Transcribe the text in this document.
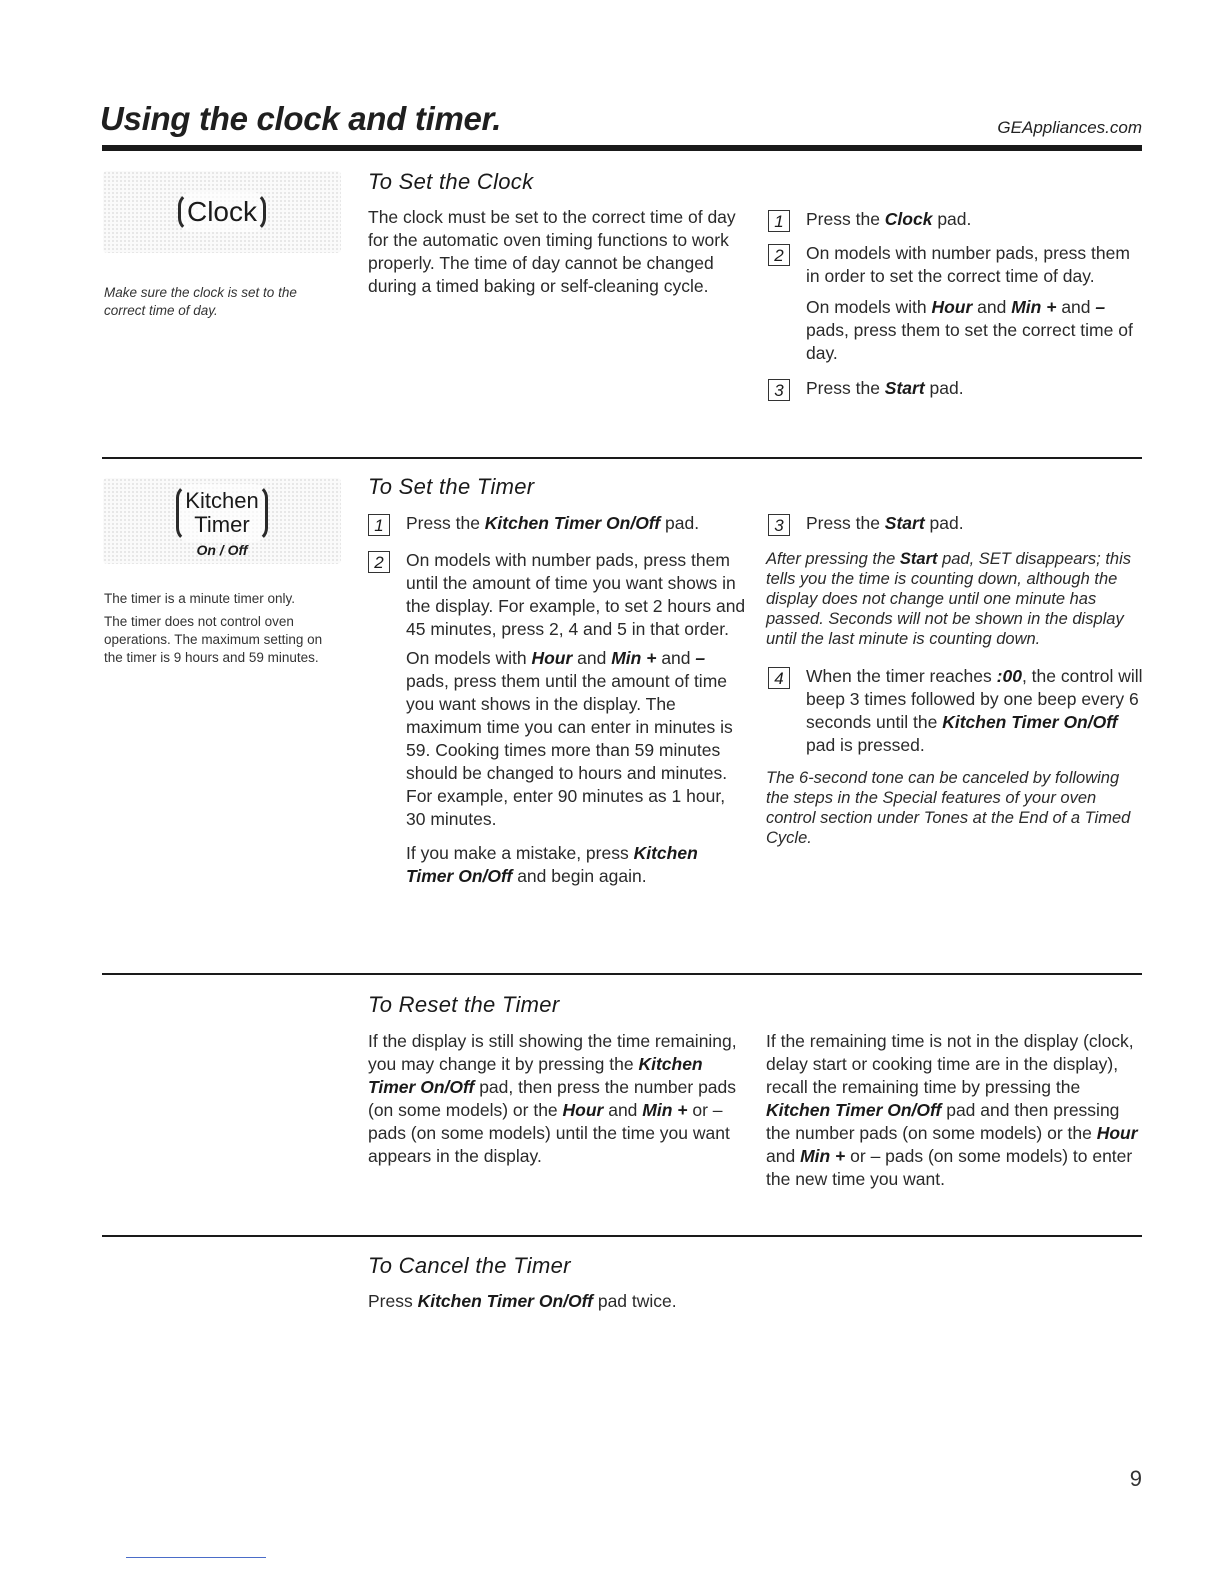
Using the clock and timer.	GEAppliances.com
Clock

Make sure the clock is set to the correct time of day.

To Set the Clock

The clock must be set to the correct time of day for the automatic oven timing functions to work properly. The time of day cannot be changed during a timed baking or self-cleaning cycle.

1	Press the Clock pad.
2	On models with number pads, press them in order to set the correct time of day.

On models with Hour and Min + and – pads, press them to set the correct time of day.

3	Press the Start pad.
Kitchen
Timer
On / Off

The timer is a minute timer only.

The timer does not control oven operations. The maximum setting on the timer is 9 hours and 59 minutes.

To Set the Timer
1	Press the Kitchen Timer On/Off pad.
2	On models with number pads, press them until the amount of time you want shows in the display. For example, to set 2 hours and 45 minutes, press 2, 4 and 5 in that order.

On models with Hour and Min + and – pads, press them until the amount of time you want shows in the display. The maximum time you can enter in minutes is 59. Cooking times more than 59 minutes should be changed to hours and minutes. For example, enter 90 minutes as 1 hour, 30 minutes.

If you make a mistake, press Kitchen Timer On/Off and begin again.

3	Press the Start pad.

After pressing the Start pad, SET disappears; this tells you the time is counting down, although the display does not change until one minute has passed. Seconds will not be shown in the display until the last minute is counting down.

4	When the timer reaches :00, the control will beep 3 times followed by one beep every 6 seconds until the Kitchen Timer On/Off pad is pressed.

The 6-second tone can be canceled by following the steps in the Special features of your oven control section under Tones at the End of a Timed Cycle.

To Reset the Timer

If the display is still showing the time remaining, you may change it by pressing the Kitchen Timer On/Off pad, then press the number pads (on some models) or the Hour and Min + or – pads (on some models) until the time you want appears in the display.

If the remaining time is not in the display (clock, delay start or cooking time are in the display), recall the remaining time by pressing the Kitchen Timer On/Off pad and then pressing the number pads (on some models) or the Hour and Min + or – pads (on some models) to enter the new time you want.

To Cancel the Timer

Press Kitchen Timer On/Off pad twice.

9
